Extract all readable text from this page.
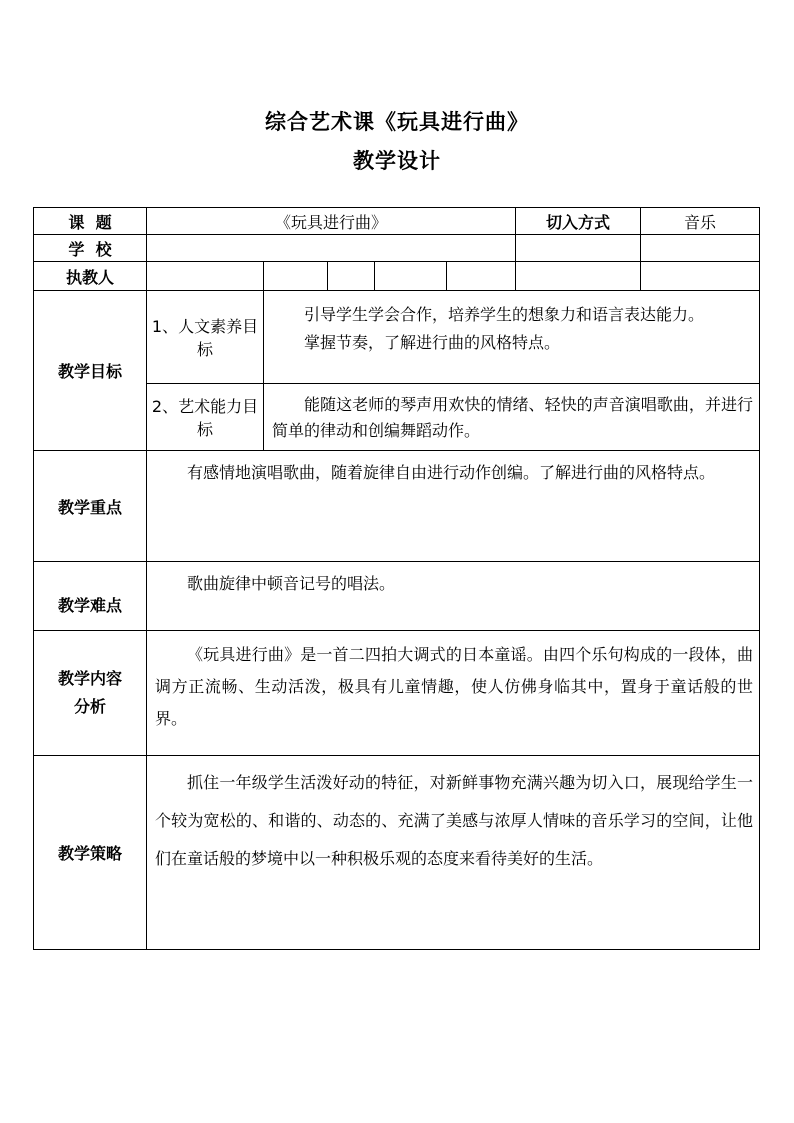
综合艺术课《玩具进行曲》
教学设计
课  题	《玩具进行曲》					切入方式	音乐
学  校							
执教人							
教学目标	1、人文素养目标	引导学生学会合作，培养学生的想象力和语言表达能力。
掌握节奏，了解进行曲的风格特点。					

	2、艺术能力目标	能随这老师的琴声用欢快的情绪、轻快的声音演唱歌曲，并进行简单的律动和创编舞蹈动作。					

教学重点	有感情地演唱歌曲，随着旋律自由进行动作创编。了解进行曲的风格特点。						

教学难点	歌曲旋律中顿音记号的唱法。						

教学内容
分析	《玩具进行曲》是一首二四拍大调式的日本童谣。由四个乐句构成的一段体，曲调方正流畅、生动活泼，极具有儿童情趣，使人仿佛身临其中，置身于童话般的世界。						

教学策略	抓住一年级学生活泼好动的特征，对新鲜事物充满兴趣为切入口，展现给学生一个较为宽松的、和谐的、动态的、充满了美感与浓厚人情味的音乐学习的空间，让他们在童话般的梦境中以一种积极乐观的态度来看待美好的生活。						
